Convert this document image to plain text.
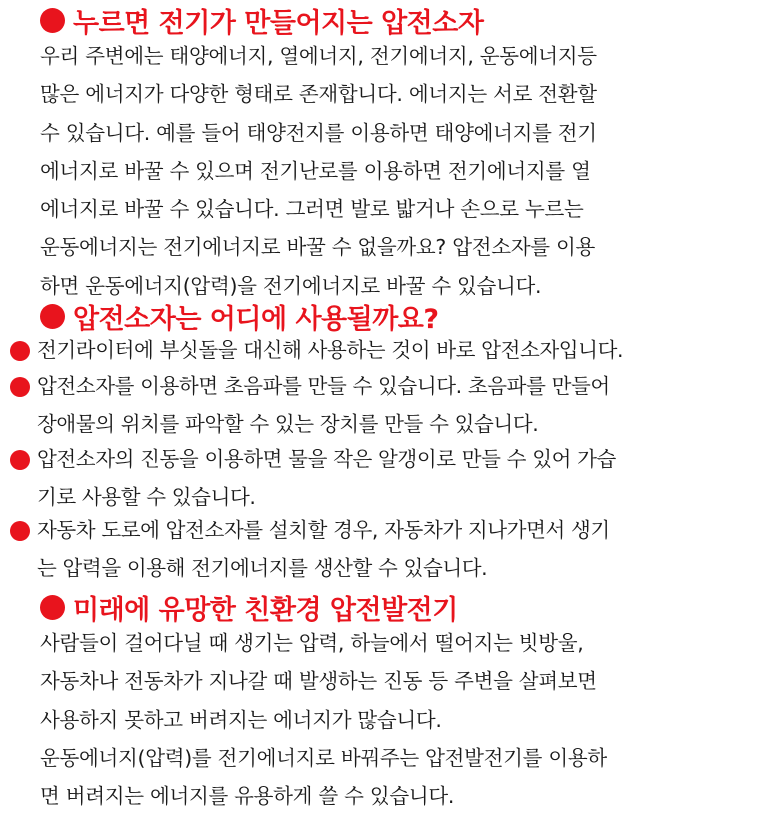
누르면 전기가 만들어지는 압전소자
우리 주변에는 태양에너지, 열에너지, 전기에너지, 운동에너지등
많은 에너지가 다양한 형태로 존재합니다. 에너지는 서로 전환할
수 있습니다. 예를 들어 태양전지를 이용하면 태양에너지를 전기
에너지로 바꿀 수 있으며 전기난로를 이용하면 전기에너지를 열
에너지로 바꿀 수 있습니다. 그러면 발로 밟거나 손으로 누르는
운동에너지는 전기에너지로 바꿀 수 없을까요? 압전소자를 이용
하면 운동에너지(압력)을 전기에너지로 바꿀 수 있습니다.
압전소자는 어디에 사용될까요?
전기라이터에 부싯돌을 대신해 사용하는 것이 바로 압전소자입니다.
압전소자를 이용하면 초음파를 만들 수 있습니다. 초음파를 만들어
장애물의 위치를 파악할 수 있는 장치를 만들 수 있습니다.
압전소자의 진동을 이용하면 물을 작은 알갱이로 만들 수 있어 가습
기로 사용할 수 있습니다.
자동차 도로에 압전소자를 설치할 경우, 자동차가 지나가면서 생기
는 압력을 이용해 전기에너지를 생산할 수 있습니다.
미래에 유망한 친환경 압전발전기
사람들이 걸어다닐 때 생기는 압력, 하늘에서 떨어지는 빗방울,
자동차나 전동차가 지나갈 때 발생하는 진동 등 주변을 살펴보면
사용하지 못하고 버려지는 에너지가 많습니다.
운동에너지(압력)를 전기에너지로 바꿔주는 압전발전기를 이용하
면 버려지는 에너지를 유용하게 쓸 수 있습니다.
